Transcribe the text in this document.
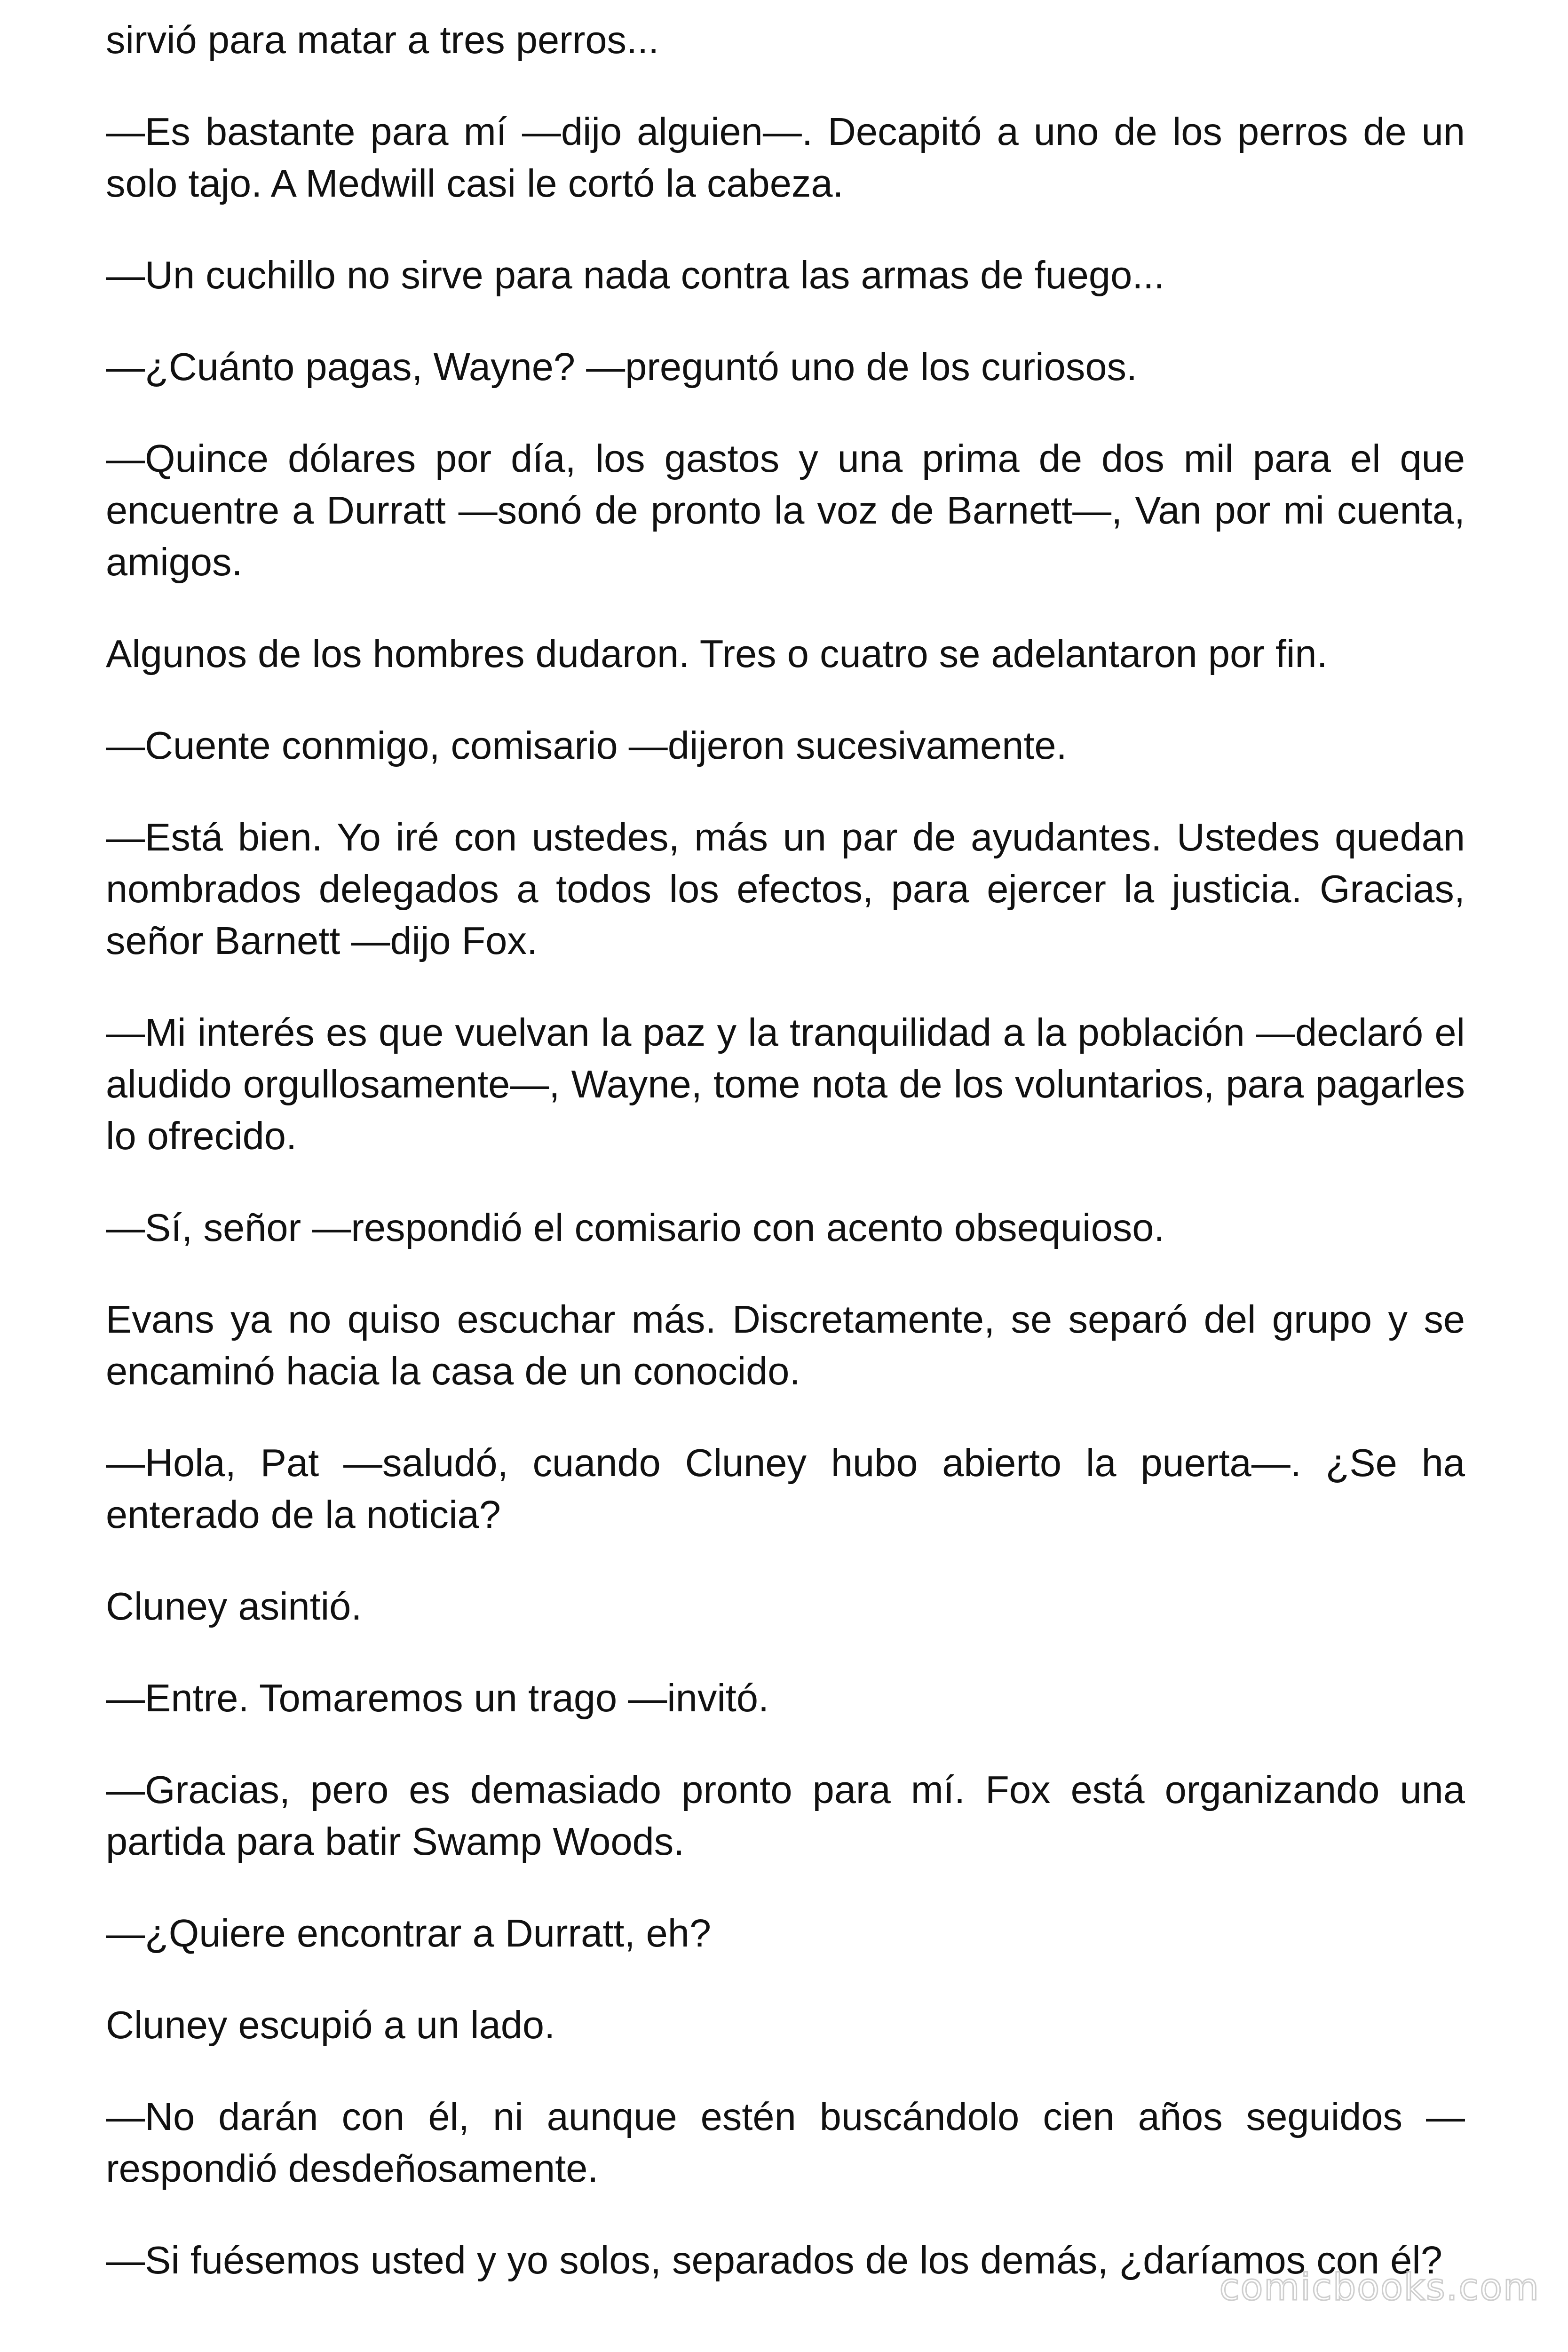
sirvió para matar a tres perros...

—Es bastante para mí —dijo alguien—. Decapitó a uno de los perros de un solo tajo. A Medwill casi le cortó la cabeza.

—Un cuchillo no sirve para nada contra las armas de fuego...

—¿Cuánto pagas, Wayne? —preguntó uno de los curiosos.

—Quince dólares por día, los gastos y una prima de dos mil para el que encuentre a Durratt —sonó de pronto la voz de Barnett—, Van por mi cuenta, amigos.

Algunos de los hombres dudaron. Tres o cuatro se adelantaron por fin.

—Cuente conmigo, comisario —dijeron sucesivamente.

—Está bien. Yo iré con ustedes, más un par de ayudantes. Ustedes quedan nombrados delegados a todos los efectos, para ejercer la justicia. Gracias, señor Barnett —dijo Fox.

—Mi interés es que vuelvan la paz y la tranquilidad a la población —declaró el aludido orgullosamente—, Wayne, tome nota de los voluntarios, para pagarles lo ofrecido.

—Sí, señor —respondió el comisario con acento obsequioso.

Evans ya no quiso escuchar más. Discretamente, se separó del grupo y se encaminó hacia la casa de un conocido.

—Hola, Pat —saludó, cuando Cluney hubo abierto la puerta—. ¿Se ha enterado de la noticia?

Cluney asintió.

—Entre. Tomaremos un trago —invitó.

—Gracias, pero es demasiado pronto para mí. Fox está organizando una partida para batir Swamp Woods.

—¿Quiere encontrar a Durratt, eh?

Cluney escupió a un lado.

—No darán con él, ni aunque estén buscándolo cien años seguidos —respondió desdeñosamente.

—Si fuésemos usted y yo solos, separados de los demás, ¿daríamos con él?

comicbooks.com
